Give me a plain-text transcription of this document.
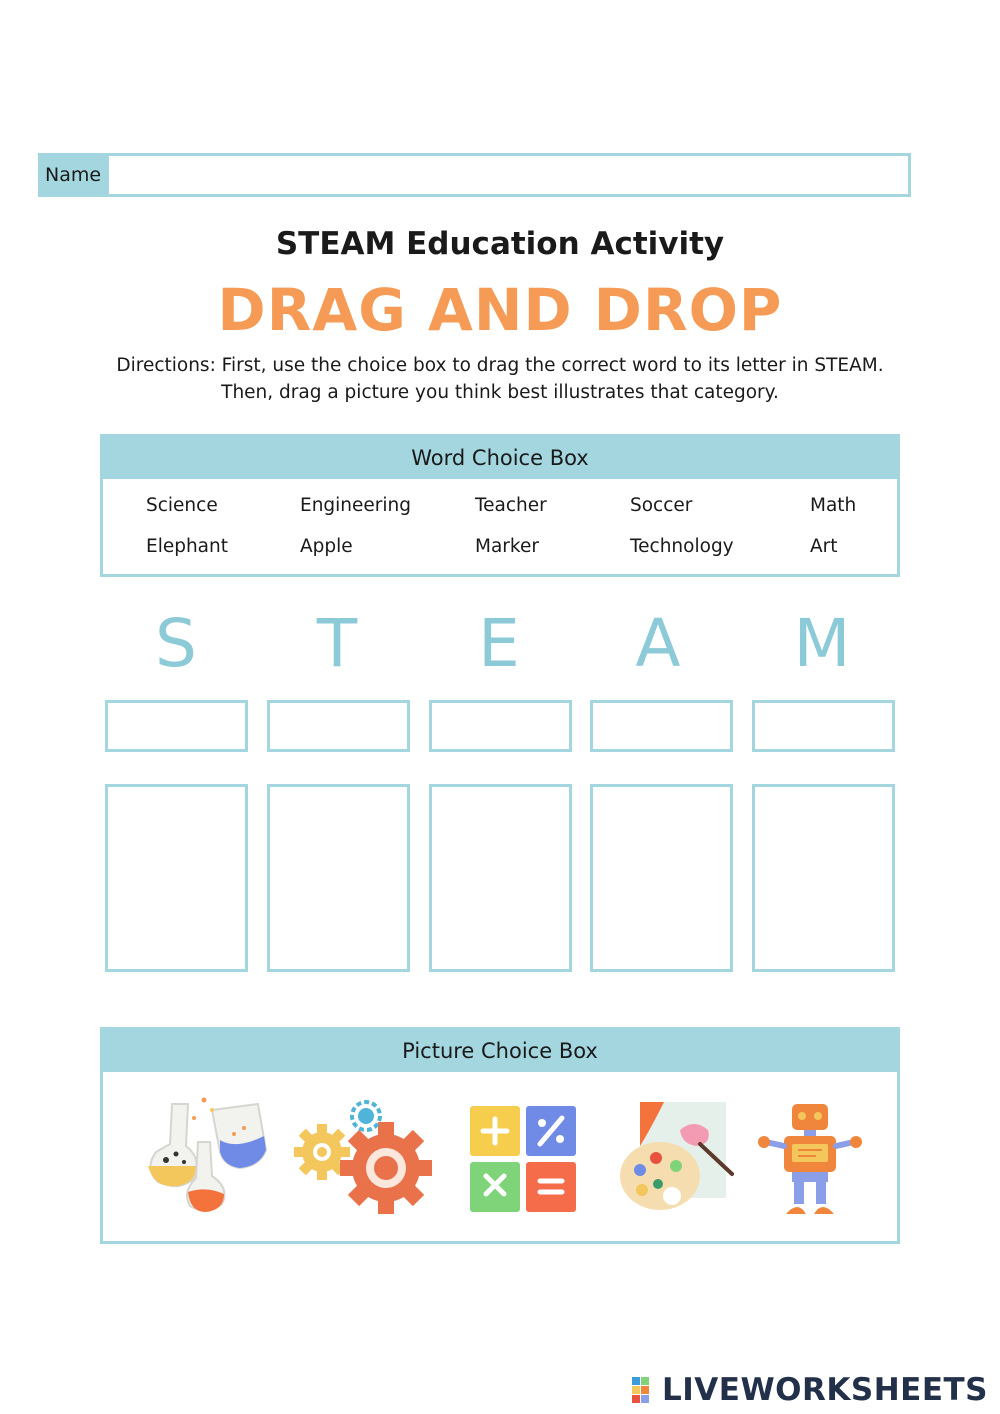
Name
STEAM Education Activity
DRAG AND DROP
Directions: First, use the choice box to drag the correct word to its letter in STEAM.
Then, drag a picture you think best illustrates that category.
Word Choice Box
Science	Engineering	Teacher	Soccer	Math
Elephant	Apple	Marker	Technology	Art
S	T	E	A	M
Picture Choice Box
LIVEWORKSHEETS
